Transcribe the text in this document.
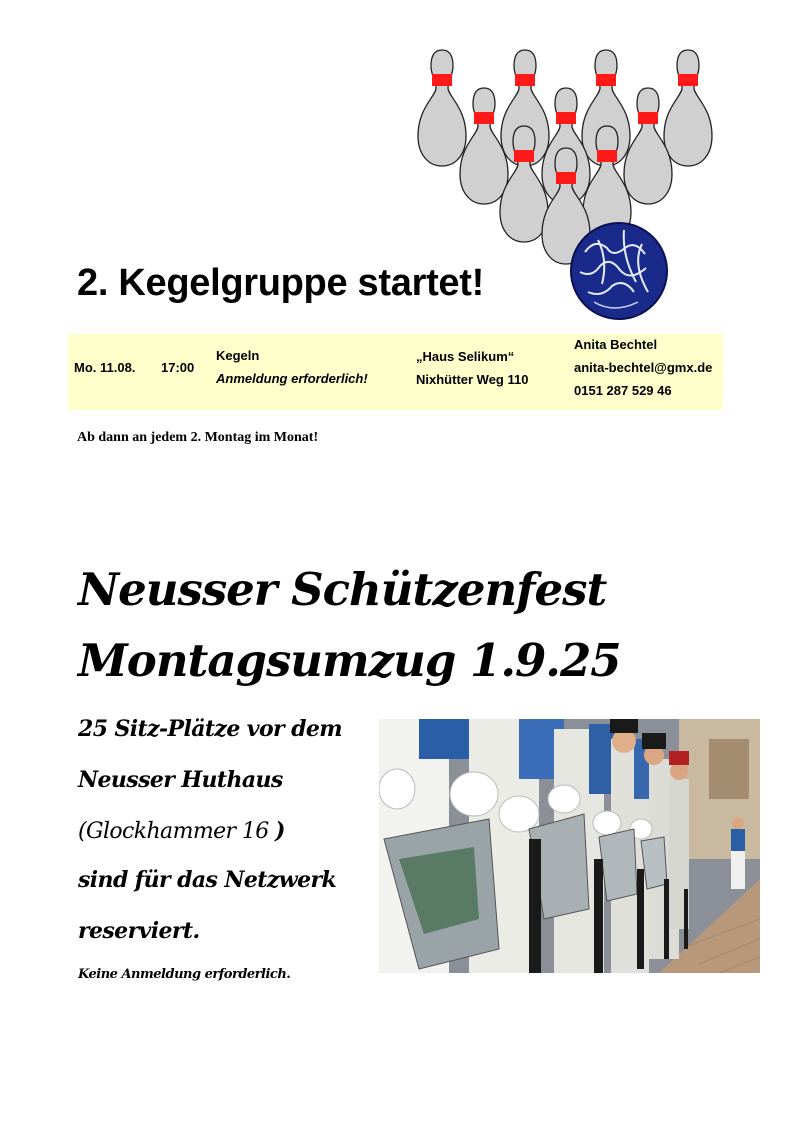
2. Kegelgruppe startet!
Mo. 11.08. 17:00
Kegeln
Anmeldung erforderlich!
„Haus Selikum“
Nixhütter Weg 110
Anita Bechtel
anita-bechtel@gmx.de
0151 287 529 46
Ab dann an jedem 2. Montag im Monat!
Neusser Schützenfest
Montagsumzug 1.9.25
25 Sitz-Plätze vor dem
Neusser Huthaus
(Glockhammer 16 )
sind für das Netzwerk
reserviert.
Keine Anmeldung erforderlich.
